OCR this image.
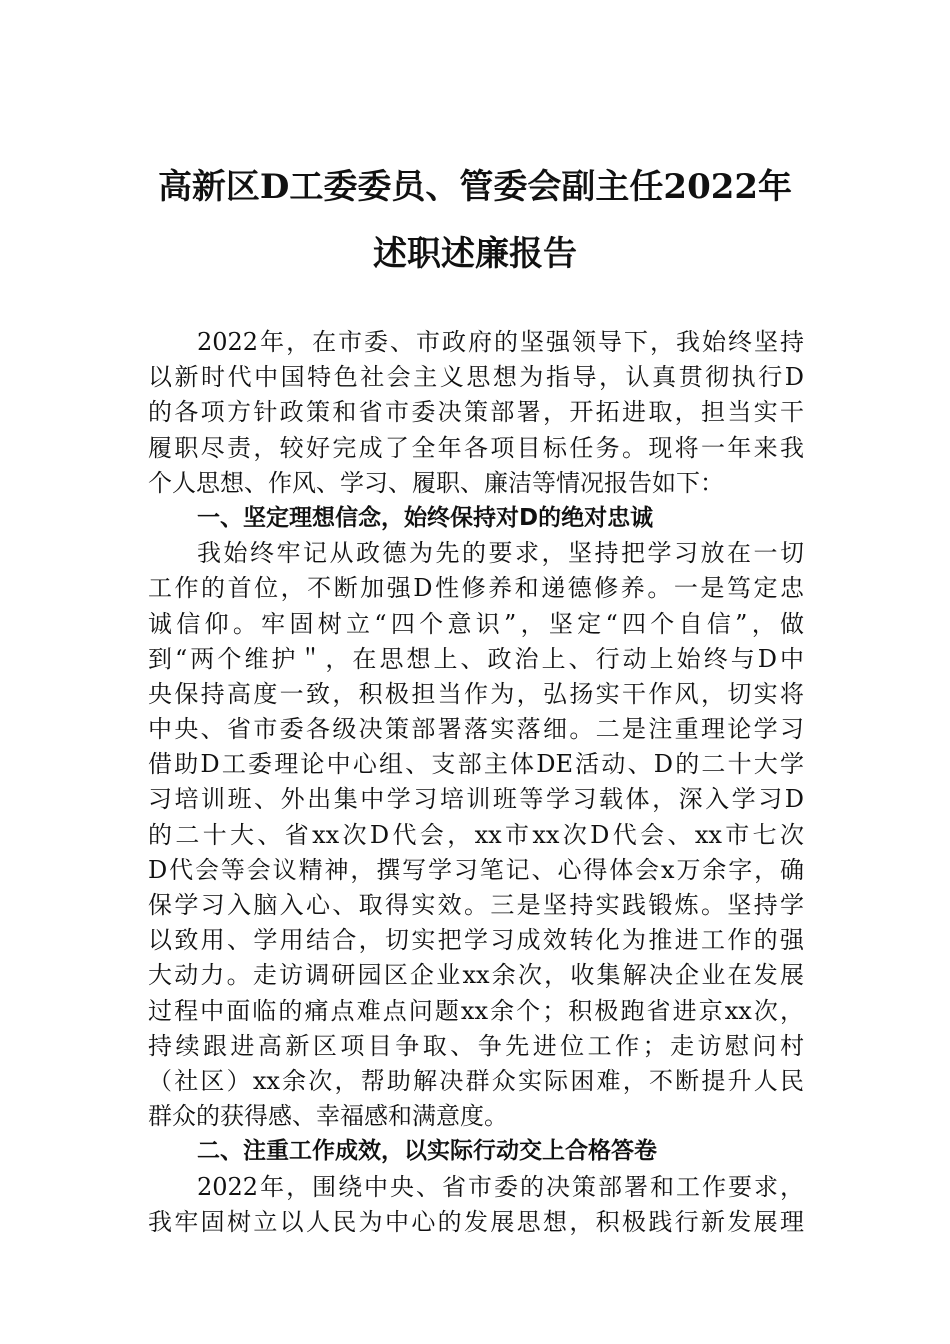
高新区D工委委员、管委会副主任2022年
述职述廉报告
2022年，在市委、市政府的坚强领导下，我始终坚持
以新时代中国特色社会主义思想为指导，认真贯彻执行D
的各项方针政策和省市委决策部署，开拓进取，担当实干
履职尽责，较好完成了全年各项目标任务。现将一年来我
个人思想、作风、学习、履职、廉洁等情况报告如下：
一、坚定理想信念，始终保持对D的绝对忠诚
我始终牢记从政德为先的要求，坚持把学习放在一切
工作的首位，不断加强D性修养和递德修养。一是笃定忠
诚信仰。牢固树立“四个意识”，坚定“四个自信”，做
到“两个维护＂，在思想上、政治上、行动上始终与D中
央保持高度一致，积极担当作为，弘扬实干作风，切实将
中央、省市委各级决策部署落实落细。二是注重理论学习
借助D工委理论中心组、支部主体DE活动、D的二十大学
习培训班、外出集中学习培训班等学习载体，深入学习D
的二十大、省xx次D代会，xx市xx次D代会、xx市七次
D代会等会议精神，撰写学习笔记、心得体会x万余字，确
保学习入脑入心、取得实效。三是坚持实践锻炼。坚持学
以致用、学用结合，切实把学习成效转化为推进工作的强
大动力。走访调研园区企业xx余次，收集解决企业在发展
过程中面临的痛点难点问题xx余个；积极跑省进京xx次，
持续跟进高新区项目争取、争先进位工作；走访慰问村
（社区）xx余次，帮助解决群众实际困难，不断提升人民
群众的获得感、幸福感和满意度。
二、注重工作成效，以实际行动交上合格答卷
2022年，围绕中央、省市委的决策部署和工作要求，
我牢固树立以人民为中心的发展思想，积极践行新发展理
